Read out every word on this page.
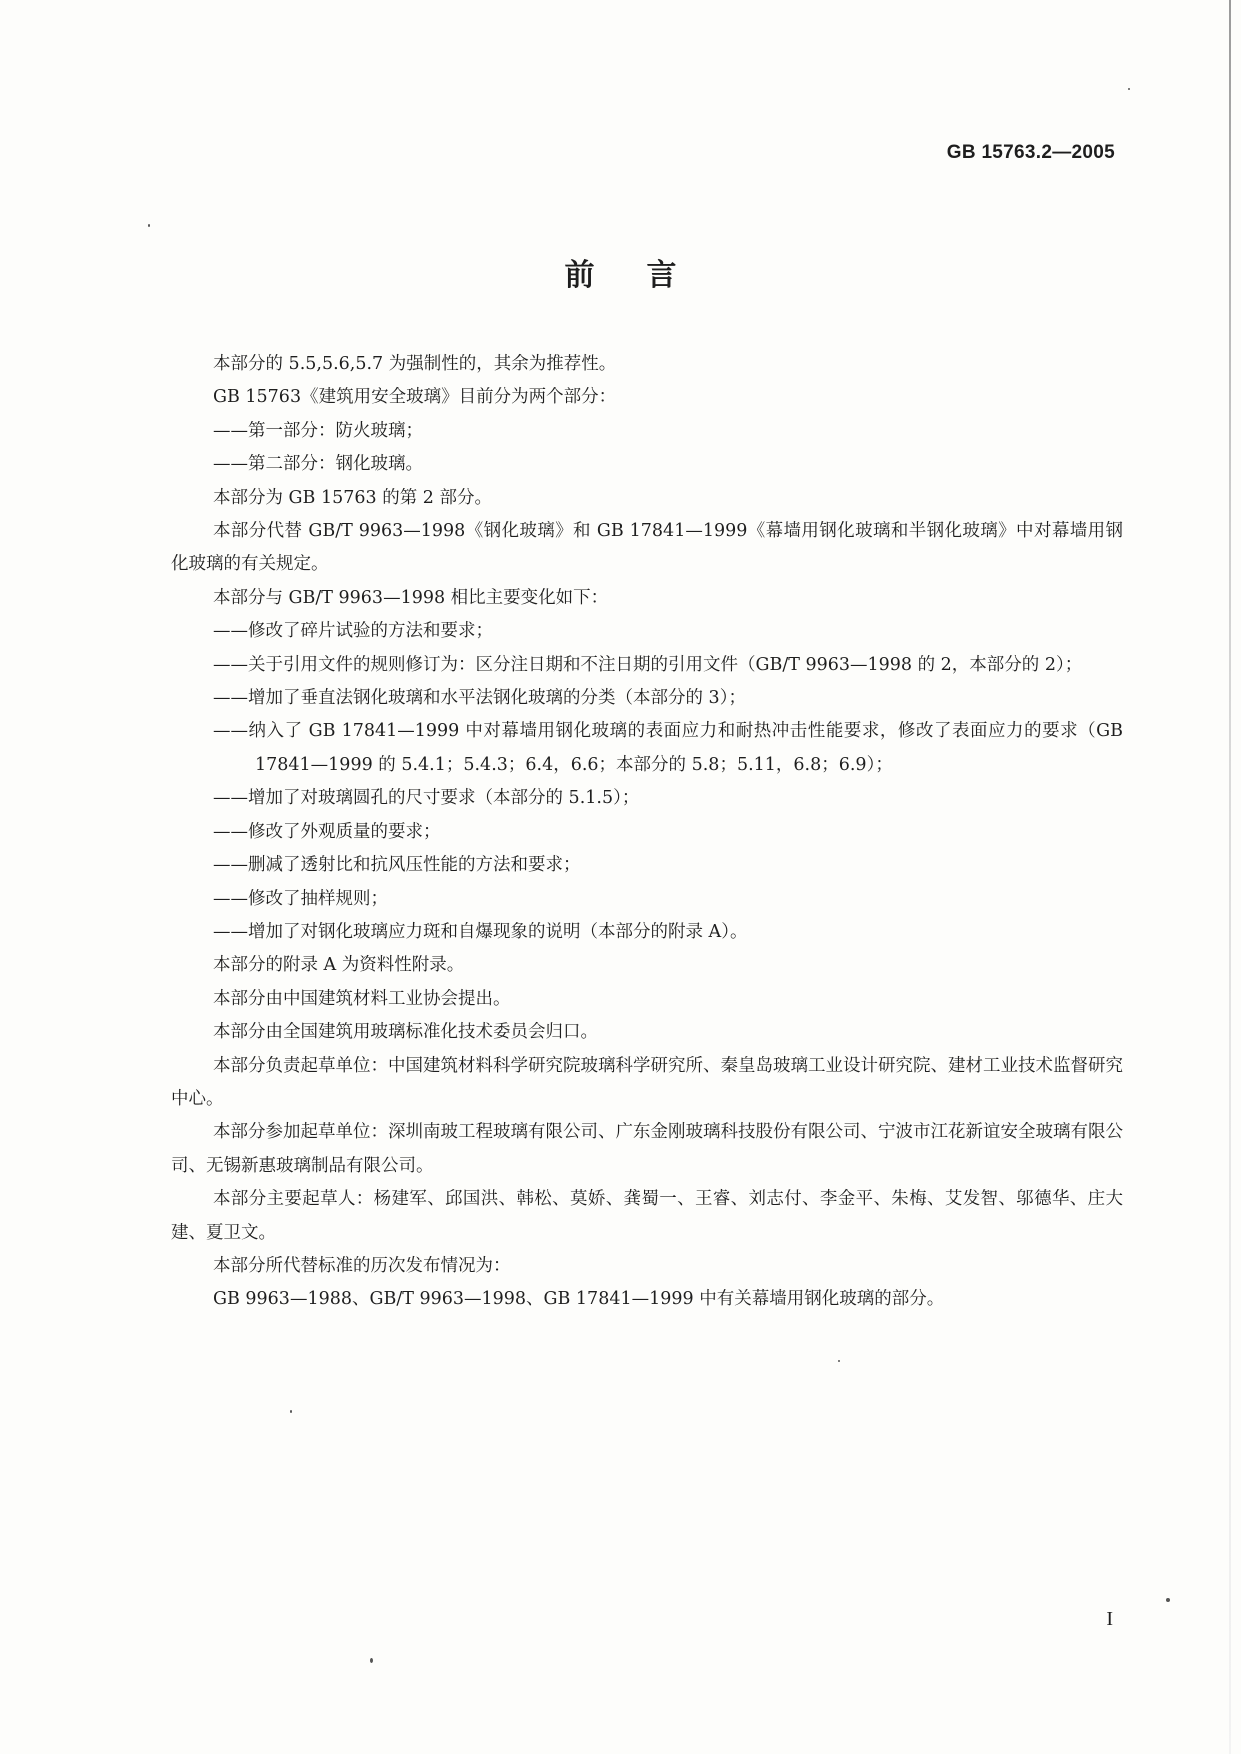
GB 15763.2—2005
前言

本部分的 5.5,5.6,5.7 为强制性的，其余为推荐性。

GB 15763《建筑用安全玻璃》目前分为两个部分：

——第一部分：防火玻璃；

——第二部分：钢化玻璃。

本部分为 GB 15763 的第 2 部分。

本部分代替 GB/T 9963—1998《钢化玻璃》和 GB 17841—1999《幕墙用钢化玻璃和半钢化玻璃》中对幕墙用钢化玻璃的有关规定。

本部分与 GB/T 9963—1998 相比主要变化如下：

——修改了碎片试验的方法和要求；

——关于引用文件的规则修订为：区分注日期和不注日期的引用文件（GB/T 9963—1998 的 2，本部分的 2）；

——增加了垂直法钢化玻璃和水平法钢化玻璃的分类（本部分的 3）；

——纳入了 GB 17841—1999 中对幕墙用钢化玻璃的表面应力和耐热冲击性能要求，修改了表面应力的要求（GB 17841—1999 的 5.4.1；5.4.3；6.4，6.6；本部分的 5.8；5.11，6.8；6.9）；

——增加了对玻璃圆孔的尺寸要求（本部分的 5.1.5）；

——修改了外观质量的要求；

——删减了透射比和抗风压性能的方法和要求；

——修改了抽样规则；

——增加了对钢化玻璃应力斑和自爆现象的说明（本部分的附录 A）。

本部分的附录 A 为资料性附录。

本部分由中国建筑材料工业协会提出。

本部分由全国建筑用玻璃标准化技术委员会归口。

本部分负责起草单位：中国建筑材料科学研究院玻璃科学研究所、秦皇岛玻璃工业设计研究院、建材工业技术监督研究中心。

本部分参加起草单位：深圳南玻工程玻璃有限公司、广东金刚玻璃科技股份有限公司、宁波市江花新谊安全玻璃有限公司、无锡新惠玻璃制品有限公司。

本部分主要起草人：杨建军、邱国洪、韩松、莫娇、龚蜀一、王睿、刘志付、李金平、朱梅、艾发智、邬德华、庄大建、夏卫文。

本部分所代替标准的历次发布情况为：

GB 9963—1988、GB/T 9963—1998、GB 17841—1999 中有关幕墙用钢化玻璃的部分。

I
